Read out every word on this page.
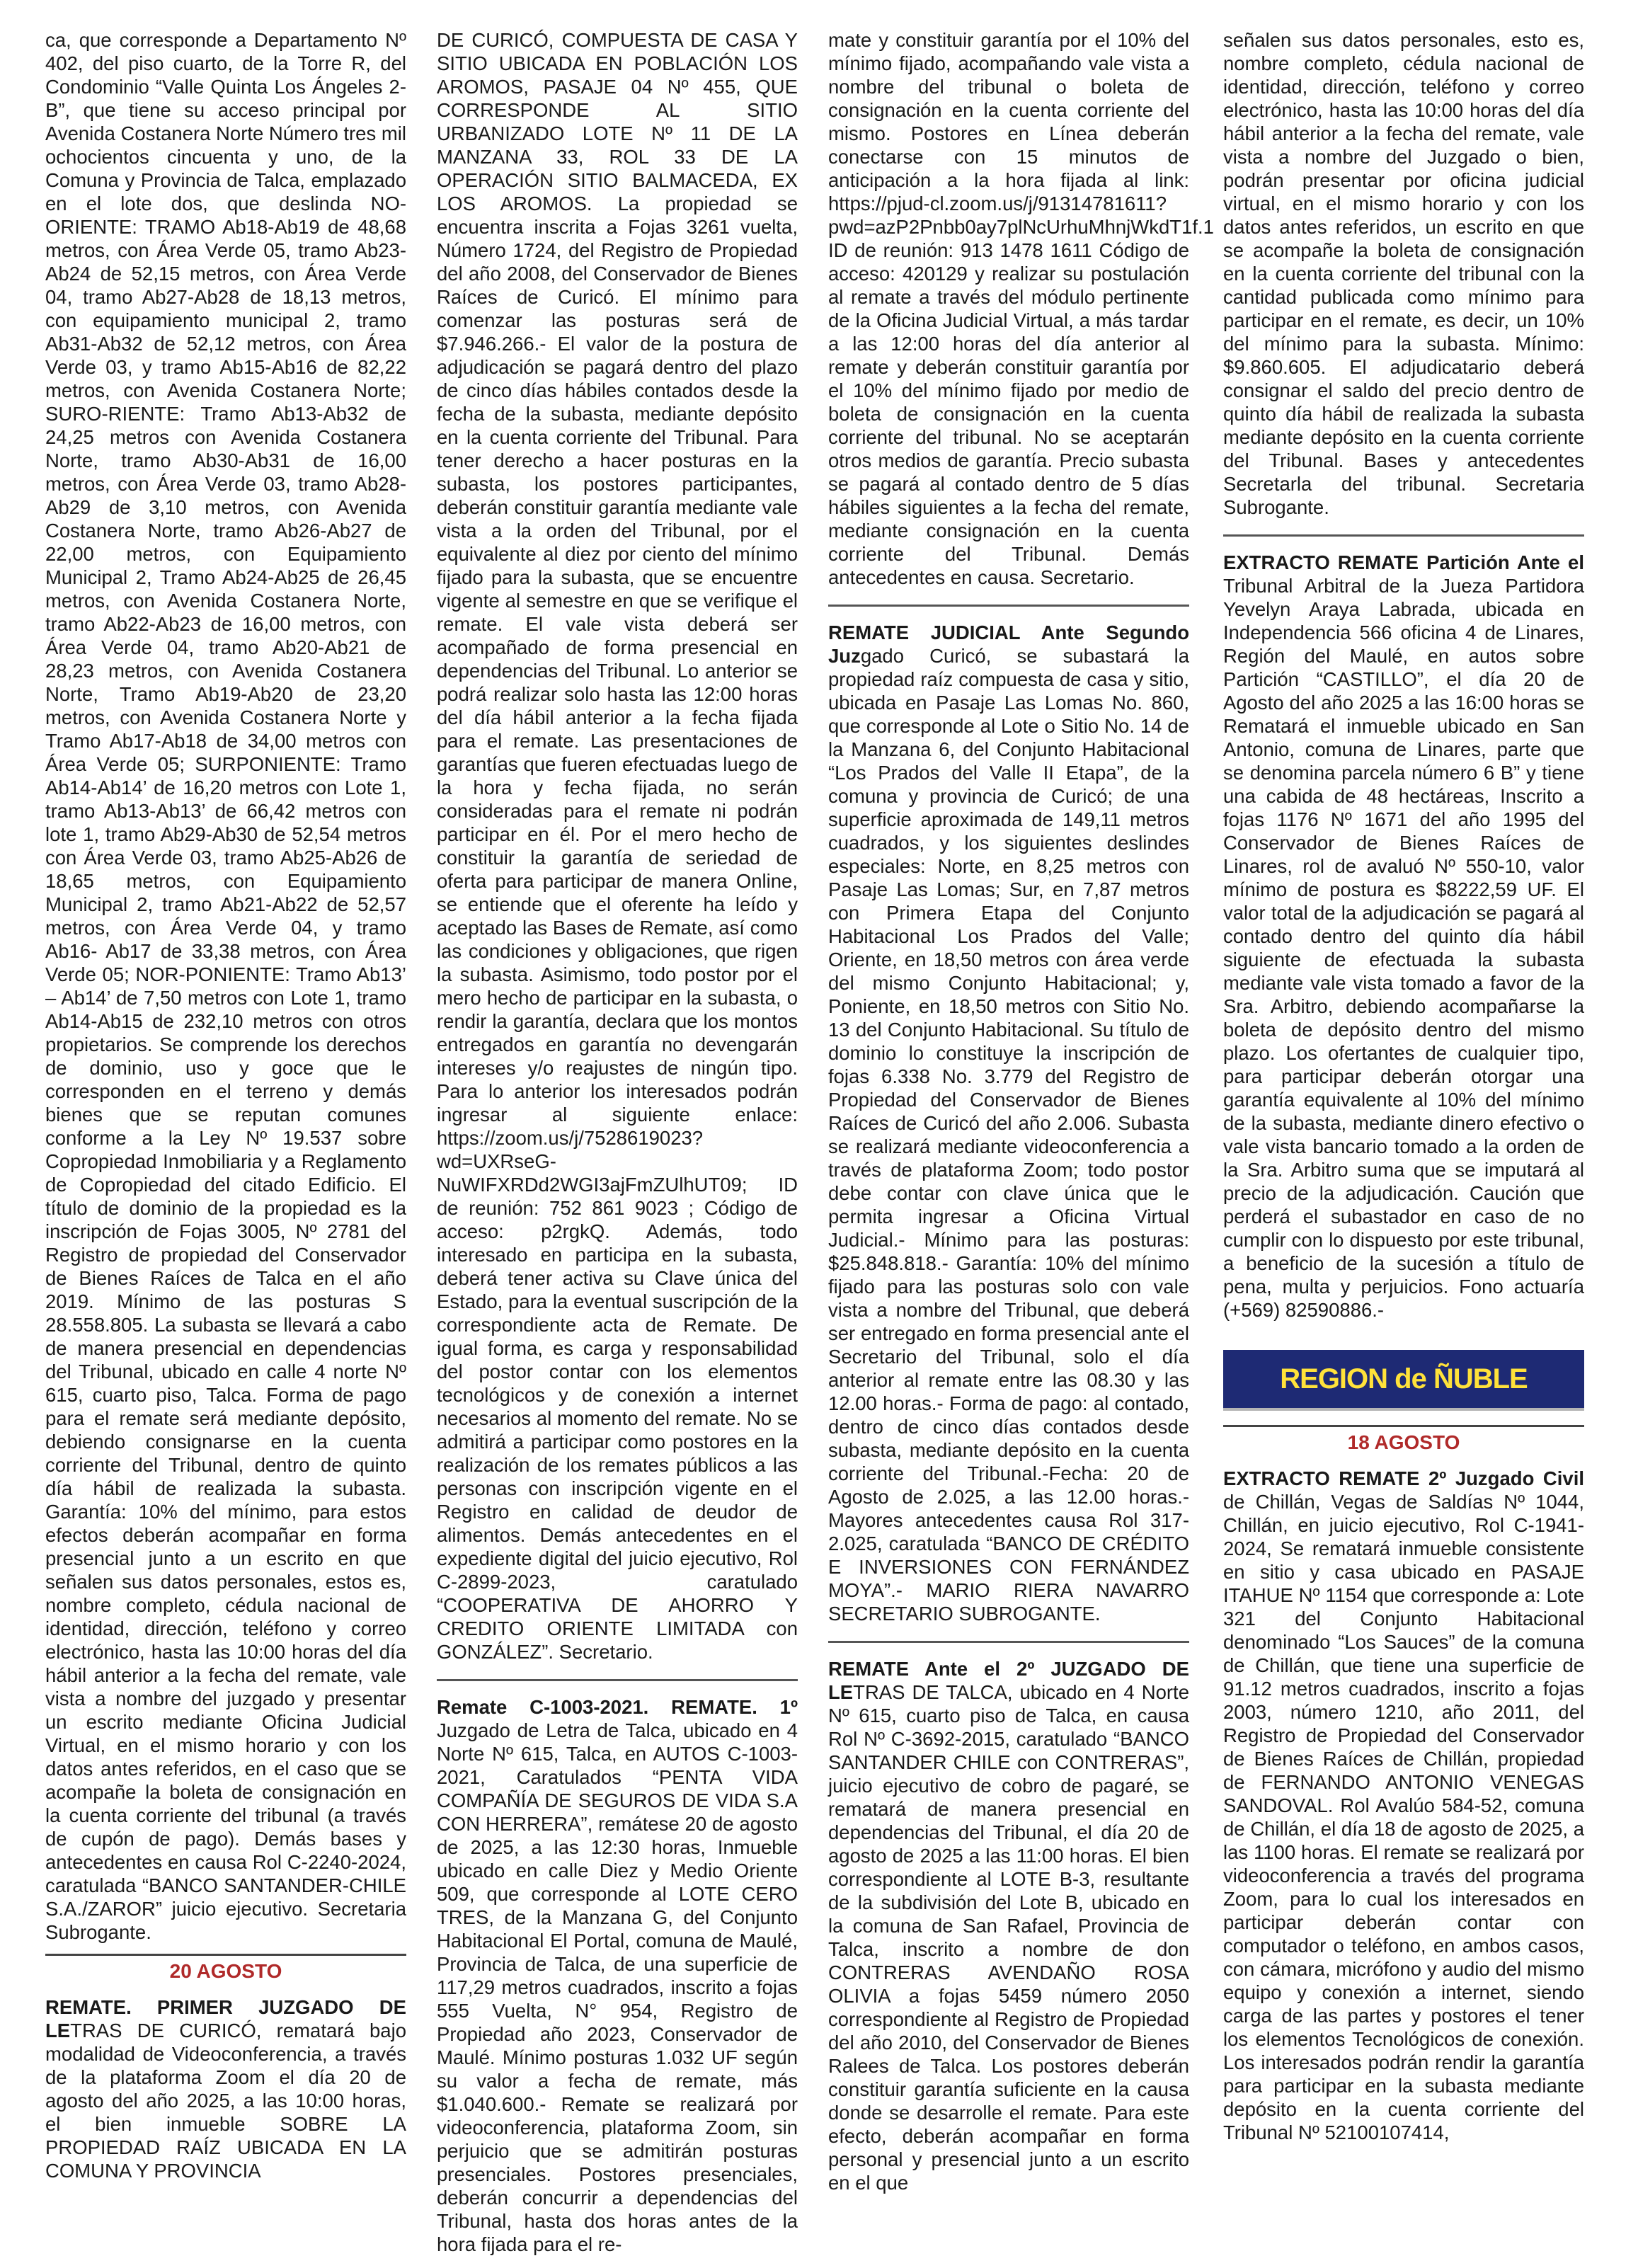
ca, que corresponde a Departamento Nº 402, del piso cuarto, de la Torre R, del Condominio “Valle Quinta Los Ángeles 2-B”, que tiene su acceso principal por Avenida Costanera Norte Número tres mil ochocientos cincuenta y uno, de la Comuna y Provincia de Talca, emplazado en el lote dos, que deslinda NO-ORIENTE: TRAMO Ab18-Ab19 de 48,68 metros, con Área Verde 05, tramo Ab23-Ab24 de 52,15 metros, con Área Verde 04, tramo Ab27-Ab28 de 18,13 metros, con equipamiento municipal 2, tramo Ab31-Ab32 de 52,12 metros, con Área Verde 03, y tramo Ab15-Ab16 de 82,22 metros, con Avenida Costanera Norte; SURO-RIENTE: Tramo Ab13-Ab32 de 24,25 metros con Avenida Costanera Norte, tramo Ab30-Ab31 de 16,00 metros, con Área Verde 03, tramo Ab28-Ab29 de 3,10 metros, con Avenida Costanera Norte, tramo Ab26-Ab27 de 22,00 metros, con Equipamiento Municipal 2, Tramo Ab24-Ab25 de 26,45 metros, con Avenida Costanera Norte, tramo Ab22-Ab23 de 16,00 metros, con Área Verde 04, tramo Ab20-Ab21 de 28,23 metros, con Avenida Costanera Norte, Tramo Ab19-Ab20 de 23,20 metros, con Avenida Costanera Norte y Tramo Ab17-Ab18 de 34,00 metros con Área Verde 05; SURPONIENTE: Tramo Ab14-Ab14’ de 16,20 metros con Lote 1, tramo Ab13-Ab13’ de 66,42 metros con lote 1, tramo Ab29-Ab30 de 52,54 metros con Área Verde 03, tramo Ab25-Ab26 de 18,65 metros, con Equipamiento Municipal 2, tramo Ab21-Ab22 de 52,57 metros, con Área Verde 04, y tramo Ab16- Ab17 de 33,38 metros, con Área Verde 05; NOR-PONIENTE: Tramo Ab13’ – Ab14’ de 7,50 metros con Lote 1, tramo Ab14-Ab15 de 232,10 metros con otros propietarios. Se comprende los derechos de dominio, uso y goce que le corresponden en el terreno y demás bienes que se reputan comunes conforme a la Ley Nº 19.537 sobre Copropiedad Inmobiliaria y a Reglamento de Copropiedad del citado Edificio. El título de dominio de la propiedad es la inscripción de Fojas 3005, Nº 2781 del Registro de propiedad del Conservador de Bienes Raíces de Talca en el año 2019. Mínimo de las posturas S 28.558.805. La subasta se llevará a cabo de manera presencial en dependencias del Tribunal, ubicado en calle 4 norte Nº 615, cuarto piso, Talca. Forma de pago para el remate será mediante depósito, debiendo consignarse en la cuenta corriente del Tribunal, dentro de quinto día hábil de realizada la subasta. Garantía: 10% del mínimo, para estos efectos deberán acompañar en forma presencial junto a un escrito en que señalen sus datos personales, estos es, nombre completo, cédula nacional de identidad, dirección, teléfono y correo electrónico, hasta las 10:00 horas del día hábil anterior a la fecha del remate, vale vista a nombre del juzgado y presentar un escrito mediante Oficina Judicial Virtual, en el mismo horario y con los datos antes referidos, en el caso que se acompañe la boleta de consignación en la cuenta corriente del tribunal (a través de cupón de pago). Demás bases y antecedentes en causa Rol C-2240-2024, caratulada “BANCO SANTANDER-CHILE S.A./ZAROR” juicio ejecutivo. Secretaria Subrogante.

20 AGOSTO

REMATE. PRIMER JUZGADO DE LETRAS DE CURICÓ, rematará bajo modalidad de Videoconferencia, a través de la plataforma Zoom el día 20 de agosto del año 2025, a las 10:00 horas, el bien inmueble SOBRE LA PROPIEDAD RAÍZ UBICADA EN LA COMUNA Y PROVINCIA

DE CURICÓ, COMPUESTA DE CASA Y SITIO UBICADA EN POBLACIÓN LOS AROMOS, PASAJE 04 Nº 455, QUE CORRESPONDE AL SITIO URBANIZADO LOTE Nº 11 DE LA MANZANA 33, ROL 33 DE LA OPERACIÓN SITIO BALMACEDA, EX LOS AROMOS. La propiedad se encuentra inscrita a Fojas 3261 vuelta, Número 1724, del Registro de Propiedad del año 2008, del Conservador de Bienes Raíces de Curicó. El mínimo para comenzar las posturas será de $7.946.266.- El valor de la postura de adjudicación se pagará dentro del plazo de cinco días hábiles contados desde la fecha de la subasta, mediante depósito en la cuenta corriente del Tribunal. Para tener derecho a hacer posturas en la subasta, los postores participantes, deberán constituir garantía mediante vale vista a la orden del Tribunal, por el equivalente al diez por ciento del mínimo fijado para la subasta, que se encuentre vigente al semestre en que se verifique el remate. El vale vista deberá ser acompañado de forma presencial en dependencias del Tribunal. Lo anterior se podrá realizar solo hasta las 12:00 horas del día hábil anterior a la fecha fijada para el remate. Las presentaciones de garantías que fueren efectuadas luego de la hora y fecha fijada, no serán consideradas para el remate ni podrán participar en él. Por el mero hecho de constituir la garantía de seriedad de oferta para participar de manera Online, se entiende que el oferente ha leído y aceptado las Bases de Remate, así como las condiciones y obligaciones, que rigen la subasta. Asimismo, todo postor por el mero hecho de participar en la subasta, o rendir la garantía, declara que los montos entregados en garantía no devengarán intereses y/o reajustes de ningún tipo. Para lo anterior los interesados podrán ingresar al siguiente enlace: https://zoom.us/j/7528619023?wd=UXRseG-NuWIFXRDd2WGI3ajFmZUlhUT09; ID de reunión: 752 861 9023 ; Código de acceso: p2rgkQ. Además, todo interesado en participa en la subasta, deberá tener activa su Clave única del Estado, para la eventual suscripción de la correspondiente acta de Remate. De igual forma, es carga y responsabilidad del postor contar con los elementos tecnológicos y de conexión a internet necesarios al momento del remate. No se admitirá a participar como postores en la realización de los remates públicos a las personas con inscripción vigente en el Registro en calidad de deudor de alimentos. Demás antecedentes en el expediente digital del juicio ejecutivo, Rol C-2899-2023, caratulado “COOPERATIVA DE AHORRO Y CREDITO ORIENTE LIMITADA con GONZÁLEZ”. Secretario.

Remate C-1003-2021. REMATE. 1º Juzgado de Letra de Talca, ubicado en 4 Norte Nº 615, Talca, en AUTOS C-1003-2021, Caratulados “PENTA VIDA COMPAÑÍA DE SEGUROS DE VIDA S.A CON HERRERA”, remátese 20 de agosto de 2025, a las 12:30 horas, Inmueble ubicado en calle Diez y Medio Oriente 509, que corresponde al LOTE CERO TRES, de la Manzana G, del Conjunto Habitacional El Portal, comuna de Maulé, Provincia de Talca, de una superficie de 117,29 metros cuadrados, inscrito a fojas 555 Vuelta, N° 954, Registro de Propiedad año 2023, Conservador de Maulé. Mínimo posturas 1.032 UF según su valor a fecha de remate, más $1.040.600.- Remate se realizará por videoconferencia, plataforma Zoom, sin perjuicio que se admitirán posturas presenciales. Postores presenciales, deberán concurrir a dependencias del Tribunal, hasta dos horas antes de la hora fijada para el re-

mate y constituir garantía por el 10% del mínimo fijado, acompañando vale vista a nombre del tribunal o boleta de consignación en la cuenta corriente del mismo. Postores en Línea deberán conectarse con 15 minutos de anticipación a la hora fijada al link: https://pjud-cl.zoom.us/j/91314781611?pwd=azP2Pnbb0ay7plNcUrhuMhnjWkdT1f.1 ID de reunión: 913 1478 1611 Código de acceso: 420129 y realizar su postulación al remate a través del módulo pertinente de la Oficina Judicial Virtual, a más tardar a las 12:00 horas del día anterior al remate y deberán constituir garantía por el 10% del mínimo fijado por medio de boleta de consignación en la cuenta corriente del tribunal. No se aceptarán otros medios de garantía. Precio subasta se pagará al contado dentro de 5 días hábiles siguientes a la fecha del remate, mediante consignación en la cuenta corriente del Tribunal. Demás antecedentes en causa. Secretario.

REMATE JUDICIAL Ante Segundo Juzgado Curicó, se subastará la propiedad raíz compuesta de casa y sitio, ubicada en Pasaje Las Lomas No. 860, que corresponde al Lote o Sitio No. 14 de la Manzana 6, del Conjunto Habitacional “Los Prados del Valle II Etapa”, de la comuna y provincia de Curicó; de una superficie aproximada de 149,11 metros cuadrados, y los siguientes deslindes especiales: Norte, en 8,25 metros con Pasaje Las Lomas; Sur, en 7,87 metros con Primera Etapa del Conjunto Habitacional Los Prados del Valle; Oriente, en 18,50 metros con área verde del mismo Conjunto Habitacional; y, Poniente, en 18,50 metros con Sitio No. 13 del Conjunto Habitacional. Su título de dominio lo constituye la inscripción de fojas 6.338 No. 3.779 del Registro de Propiedad del Conservador de Bienes Raíces de Curicó del año 2.006. Subasta se realizará mediante videoconferencia a través de plataforma Zoom; todo postor debe contar con clave única que le permita ingresar a Oficina Virtual Judicial.- Mínimo para las posturas: $25.848.818.- Garantía: 10% del mínimo fijado para las posturas solo con vale vista a nombre del Tribunal, que deberá ser entregado en forma presencial ante el Secretario del Tribunal, solo el día anterior al remate entre las 08.30 y las 12.00 horas.- Forma de pago: al contado, dentro de cinco días contados desde subasta, mediante depósito en la cuenta corriente del Tribunal.-Fecha: 20 de Agosto de 2.025, a las 12.00 horas.- Mayores antecedentes causa Rol 317-2.025, caratulada “BANCO DE CRÉDITO E INVERSIONES CON FERNÁNDEZ MOYA”.- MARIO RIERA NAVARRO SECRETARIO SUBROGANTE.

REMATE Ante el 2º JUZGADO DE LETRAS DE TALCA, ubicado en 4 Norte Nº 615, cuarto piso de Talca, en causa Rol Nº C-3692-2015, caratulado “BANCO SANTANDER CHILE con CONTRERAS”, juicio ejecutivo de cobro de pagaré, se rematará de manera presencial en dependencias del Tribunal, el día 20 de agosto de 2025 a las 11:00 horas. El bien correspondiente al LOTE B-3, resultante de la subdivisión del Lote B, ubicado en la comuna de San Rafael, Provincia de Talca, inscrito a nombre de don CONTRERAS AVENDAÑO ROSA OLIVIA a fojas 5459 número 2050 correspondiente al Registro de Propiedad del año 2010, del Conservador de Bienes Ralees de Talca. Los postores deberán constituir garantía suficiente en la causa donde se desarrolle el remate. Para este efecto, deberán acompañar en forma personal y presencial junto a un escrito en el que

señalen sus datos personales, esto es, nombre completo, cédula nacional de identidad, dirección, teléfono y correo electrónico, hasta las 10:00 horas del día hábil anterior a la fecha del remate, vale vista a nombre del Juzgado o bien, podrán presentar por oficina judicial virtual, en el mismo horario y con los datos antes referidos, un escrito en que se acompañe la boleta de consignación en la cuenta corriente del tribunal con la cantidad publicada como mínimo para participar en el remate, es decir, un 10% del mínimo para la subasta. Mínimo: $9.860.605. El adjudicatario deberá consignar el saldo del precio dentro de quinto día hábil de realizada la subasta mediante depósito en la cuenta corriente del Tribunal. Bases y antecedentes Secretarla del tribunal. Secretaria Subrogante.

EXTRACTO REMATE Partición Ante el Tribunal Arbitral de la Jueza Partidora Yevelyn Araya Labrada, ubicada en Independencia 566 oficina 4 de Linares, Región del Maulé, en autos sobre Partición “CASTILLO”, el día 20 de Agosto del año 2025 a las 16:00 horas se Rematará el inmueble ubicado en San Antonio, comuna de Linares, parte que se denomina parcela número 6 B” y tiene una cabida de 48 hectáreas, Inscrito a fojas 1176 Nº 1671 del año 1995 del Conservador de Bienes Raíces de Linares, rol de avaluó Nº 550-10, valor mínimo de postura es $8222,59 UF. El valor total de la adjudicación se pagará al contado dentro del quinto día hábil siguiente de efectuada la subasta mediante vale vista tomado a favor de la Sra. Arbitro, debiendo acompañarse la boleta de depósito dentro del mismo plazo. Los ofertantes de cualquier tipo, para participar deberán otorgar una garantía equivalente al 10% del mínimo de la subasta, mediante dinero efectivo o vale vista bancario tomado a la orden de la Sra. Arbitro suma que se imputará al precio de la adjudicación. Caución que perderá el subastador en caso de no cumplir con lo dispuesto por este tribunal, a beneficio de la sucesión a título de pena, multa y perjuicios. Fono actuaría (+569) 82590886.-

REGION de ÑUBLE
18 AGOSTO

EXTRACTO REMATE 2º Juzgado Civil de Chillán, Vegas de Saldías Nº 1044, Chillán, en juicio ejecutivo, Rol C-1941-2024, Se rematará inmueble consistente en sitio y casa ubicado en PASAJE ITAHUE Nº 1154 que corresponde a: Lote 321 del Conjunto Habitacional denominado “Los Sauces” de la comuna de Chillán, que tiene una superficie de 91.12 metros cuadrados, inscrito a fojas 2003, número 1210, año 2011, del Registro de Propiedad del Conservador de Bienes Raíces de Chillán, propiedad de FERNANDO ANTONIO VENEGAS SANDOVAL. Rol Avalúo 584-52, comuna de Chillán, el día 18 de agosto de 2025, a las 1100 horas. El remate se realizará por videoconferencia a través del programa Zoom, para lo cual los interesados en participar deberán contar con computador o teléfono, en ambos casos, con cámara, micrófono y audio del mismo equipo y conexión a internet, siendo carga de las partes y postores el tener los elementos Tecnológicos de conexión. Los interesados podrán rendir la garantía para participar en la subasta mediante depósito en la cuenta corriente del Tribunal Nº 52100107414,
